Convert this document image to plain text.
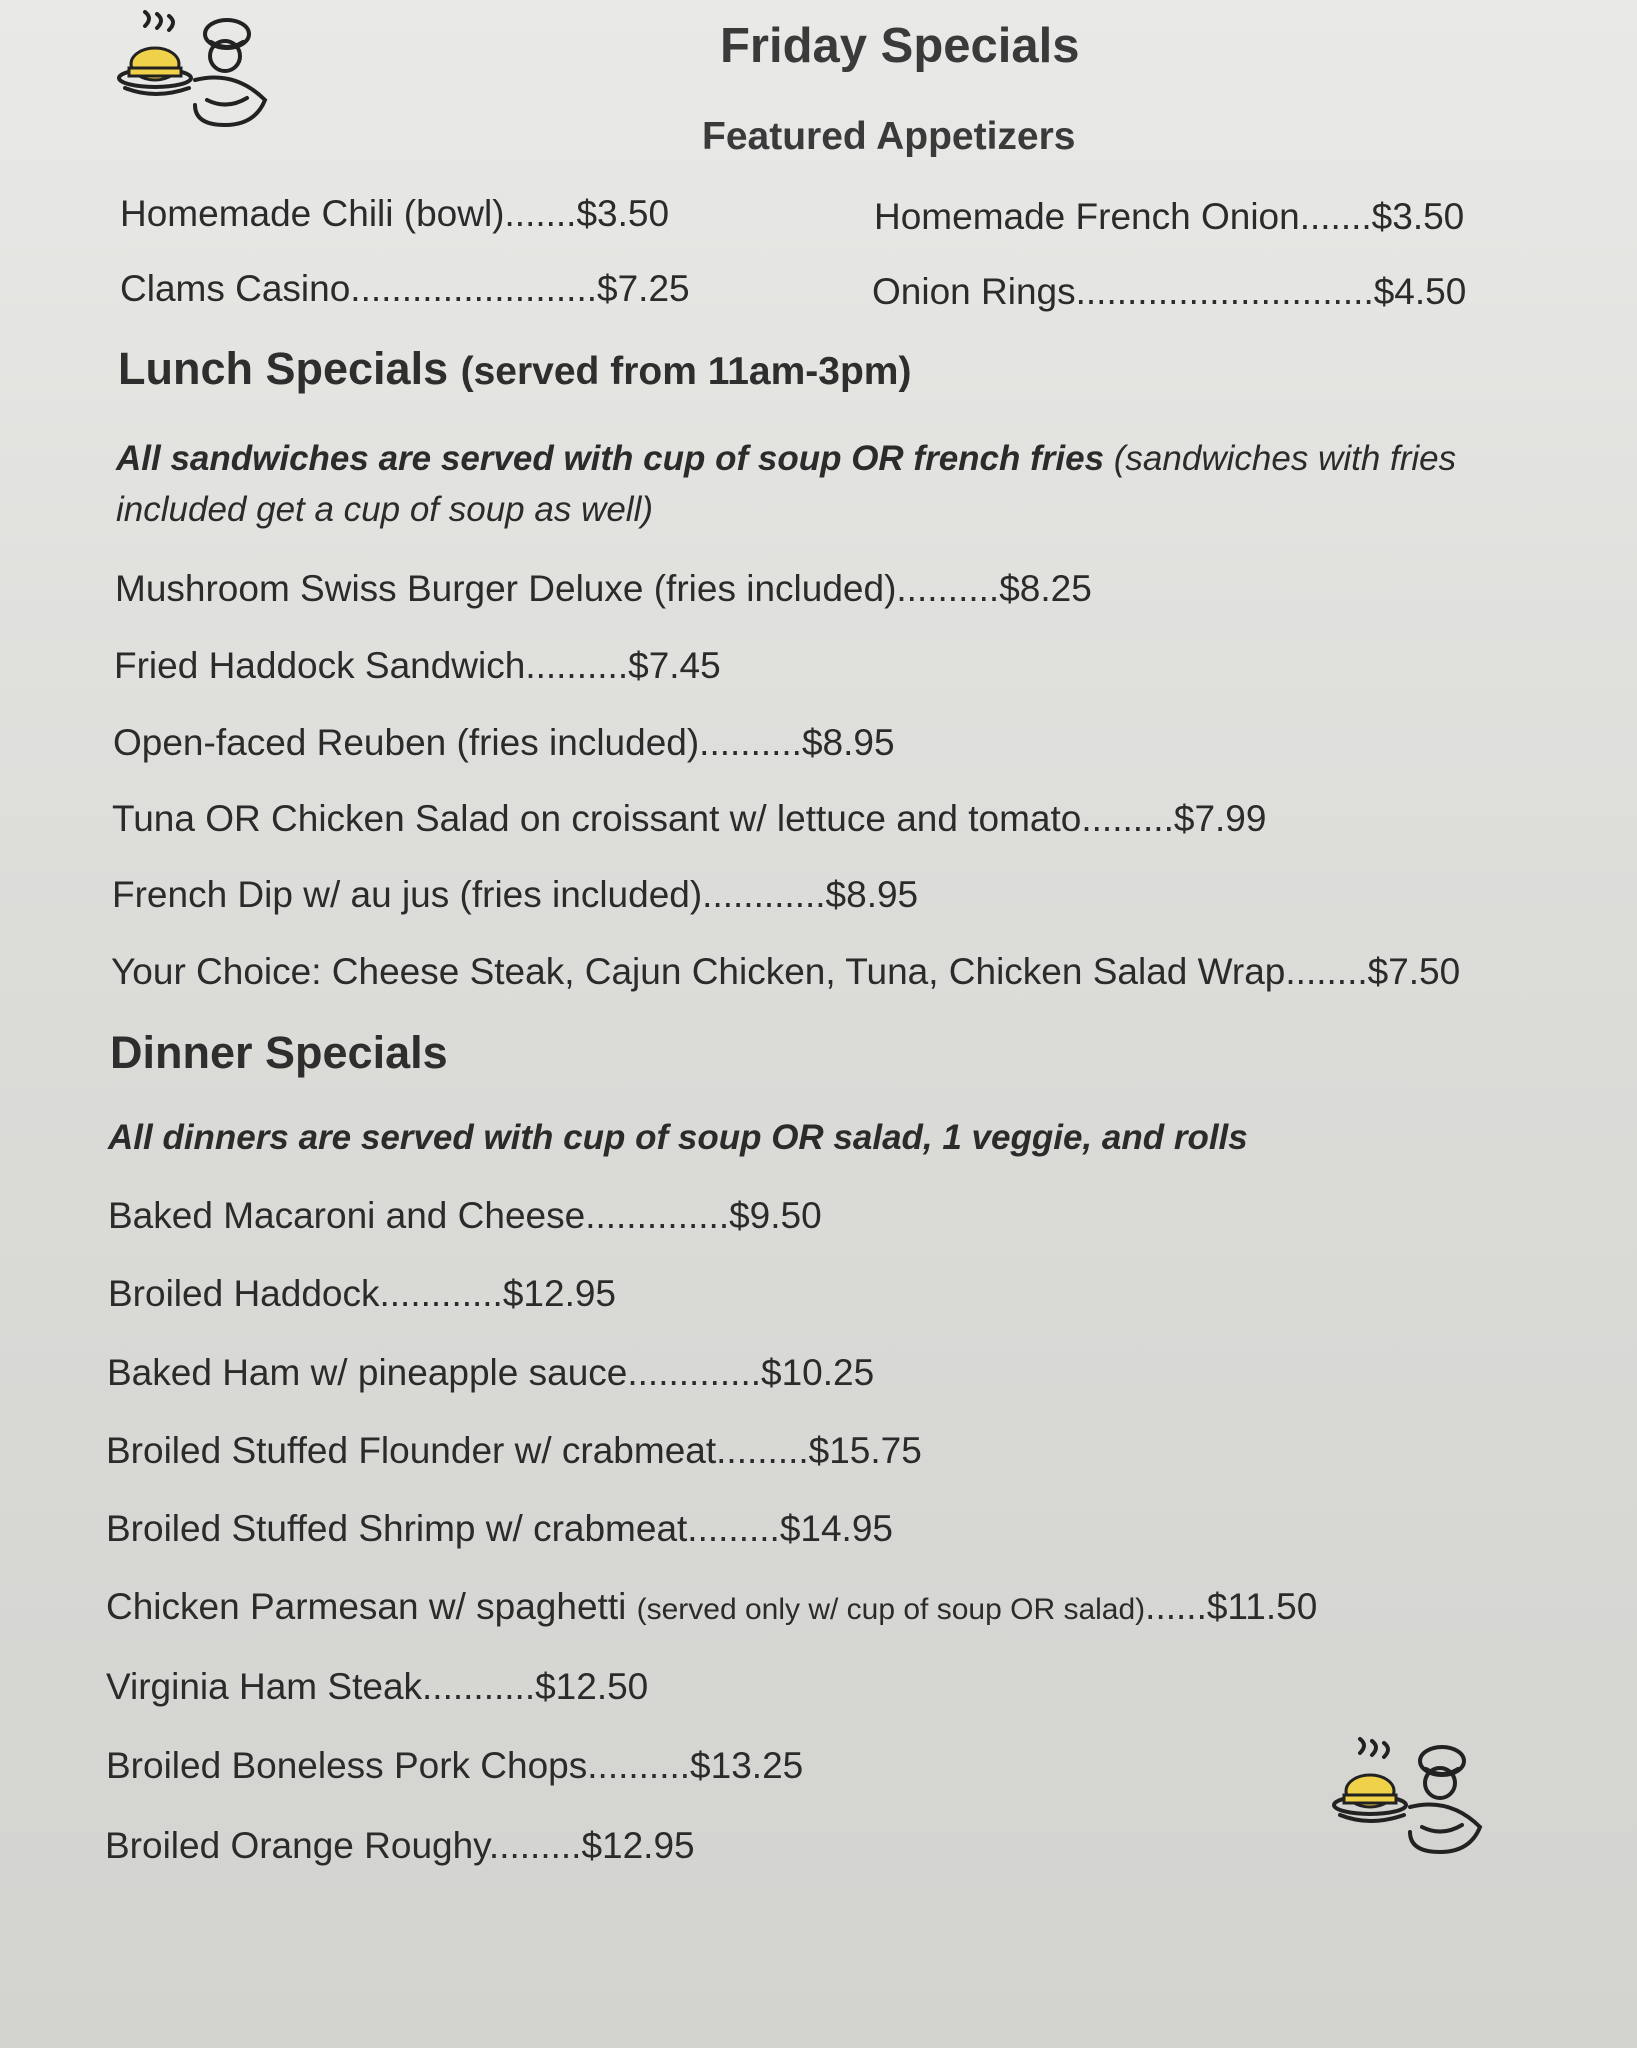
Friday Specials
Featured Appetizers
Homemade Chili (bowl).......$3.50	Homemade French Onion.......$3.50
Clams Casino........................$7.25	Onion Rings.............................$4.50
Lunch Specials (served from 11am-3pm)
All sandwiches are served with cup of soup OR french fries (sandwiches with fries
included get a cup of soup as well)
Mushroom Swiss Burger Deluxe (fries included)..........$8.25
Fried Haddock Sandwich..........$7.45
Open-faced Reuben (fries included)..........$8.95
Tuna OR Chicken Salad on croissant w/ lettuce and tomato.........$7.99
French Dip w/ au jus (fries included)............$8.95
Your Choice: Cheese Steak, Cajun Chicken, Tuna, Chicken Salad Wrap........$7.50
Dinner Specials
All dinners are served with cup of soup OR salad, 1 veggie, and rolls
Baked Macaroni and Cheese..............$9.50
Broiled Haddock............$12.95
Baked Ham w/ pineapple sauce.............$10.25
Broiled Stuffed Flounder w/ crabmeat.........$15.75
Broiled Stuffed Shrimp w/ crabmeat.........$14.95
Chicken Parmesan w/ spaghetti (served only w/ cup of soup OR salad)......$11.50
Virginia Ham Steak...........$12.50
Broiled Boneless Pork Chops..........$13.25
Broiled Orange Roughy.........$12.95
